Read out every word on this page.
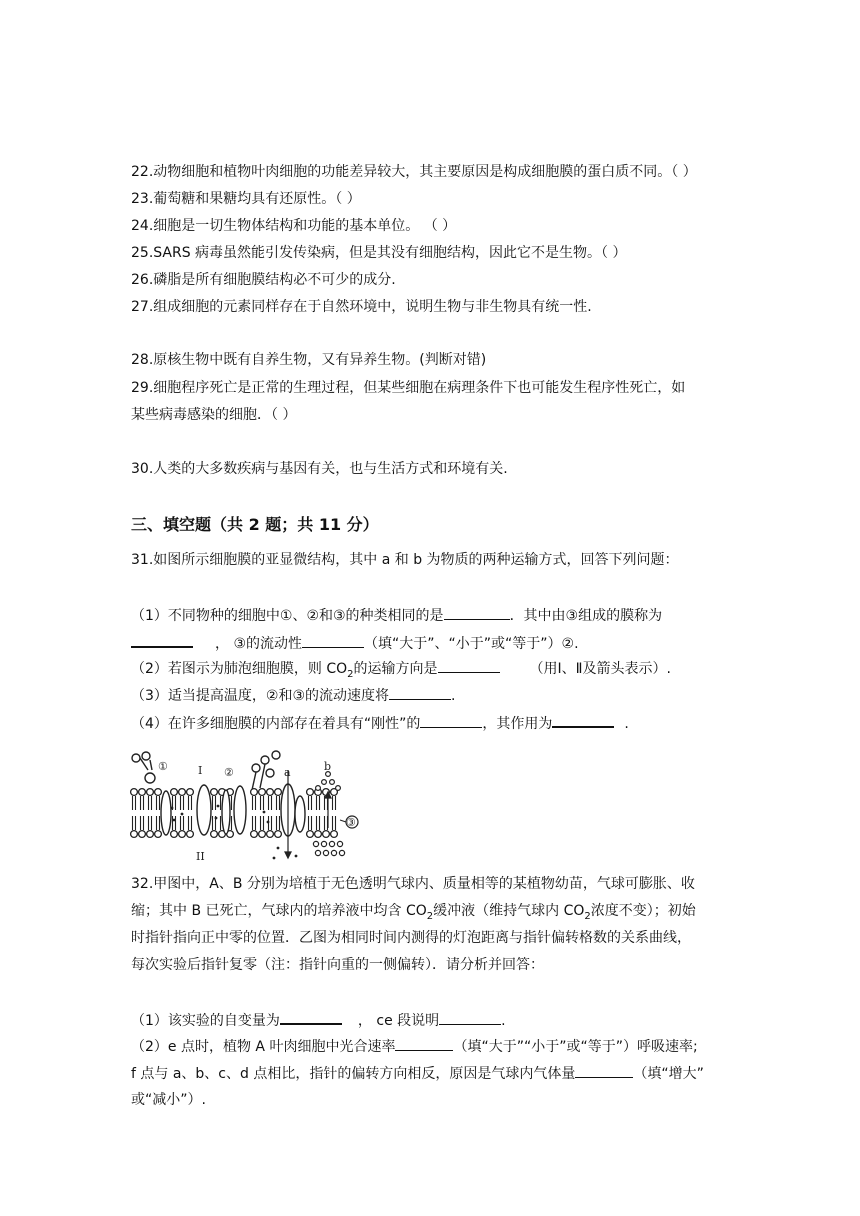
22.动物细胞和植物叶肉细胞的功能差异较大，其主要原因是构成细胞膜的蛋白质不同。（ ）
23.葡萄糖和果糖均具有还原性。（ ）
24.细胞是一切生物体结构和功能的基本单位。 （ ）
25.SARS 病毒虽然能引发传染病，但是其没有细胞结构，因此它不是生物。（ ）
26.磷脂是所有细胞膜结构必不可少的成分.
27.组成细胞的元素同样存在于自然环境中，说明生物与非生物具有统一性.
28.原核生物中既有自养生物，又有异养生物。(判断对错)
29.细胞程序死亡是正常的生理过程，但某些细胞在病理条件下也可能发生程序性死亡，如
某些病毒感染的细胞．（ ）
30.人类的大多数疾病与基因有关，也与生活方式和环境有关.
三、填空题（共 2 题；共 11 分）
31.如图所示细胞膜的亚显微结构，其中 a 和 b 为物质的两种运输方式，回答下列问题：
（1）不同物种的细胞中①、②和③的种类相同的是	．其中由③组成的膜称为
， ③的流动性	（填“大于”、“小于”或“等于”）②.
（2）若图示为肺泡细胞膜，则 $CO_2$的运输方向是	（用Ⅰ、Ⅱ及箭头表示）.
（3）适当提高温度，②和③的流动速度将	.
（4）在许多细胞膜的内部存在着具有“刚性”的	，其作用为	.
①	②
③
I
II
a	b
32.甲图中，A、B 分别为培植于无色透明气球内、质量相等的某植物幼苗，气球可膨胀、收
缩；其中 B 已死亡，气球内的培养液中均含 $CO_2$缓冲液（维持气球内 $CO_2$浓度不变）；初始
时指针指向正中零的位置．乙图为相同时间内测得的灯泡距离与指针偏转格数的关系曲线，
每次实验后指针复零（注：指针向重的一侧偏转）．请分析并回答：
（1）该实验的自变量为	， ce 段说明	.
（2）e 点时，植物 A 叶肉细胞中光合速率	（填“大于”“小于”或“等于”）呼吸速率;
f 点与 a、b、c、d 点相比，指针的偏转方向相反，原因是气球内气体量	（填“增大”
或“减小”）.
